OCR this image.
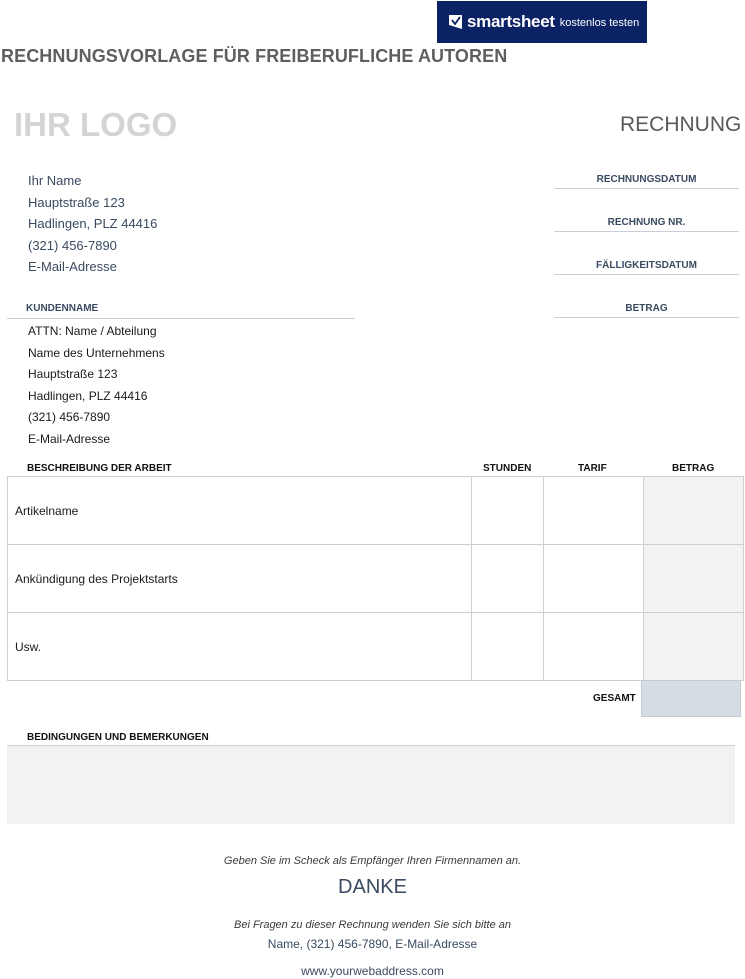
smartsheet kostenlos testen
RECHNUNGSVORLAGE FÜR FREIBERUFLICHE AUTOREN
IHR LOGO	RECHNUNG
Ihr Name
Hauptstraße 123
Hadlingen, PLZ 44416
(321) 456-7890
E-Mail-Adresse
RECHNUNGSDATUM
RECHNUNG NR.
FÄLLIGKEITSDATUM
BETRAG
KUNDENNAME
ATTN: Name / Abteilung
Name des Unternehmens
Hauptstraße 123
Hadlingen, PLZ 44416
(321) 456-7890
E-Mail-Adresse
BESCHREIBUNG DER ARBEIT	STUNDEN	TARIF	BETRAG
Artikelname			
Ankündigung des Projektstarts			
Usw.			
GESAMT
BEDINGUNGEN UND BEMERKUNGEN
Geben Sie im Scheck als Empfänger Ihren Firmennamen an.
DANKE
Bei Fragen zu dieser Rechnung wenden Sie sich bitte an
Name, (321) 456-7890, E-Mail-Adresse
www.yourwebaddress.com
